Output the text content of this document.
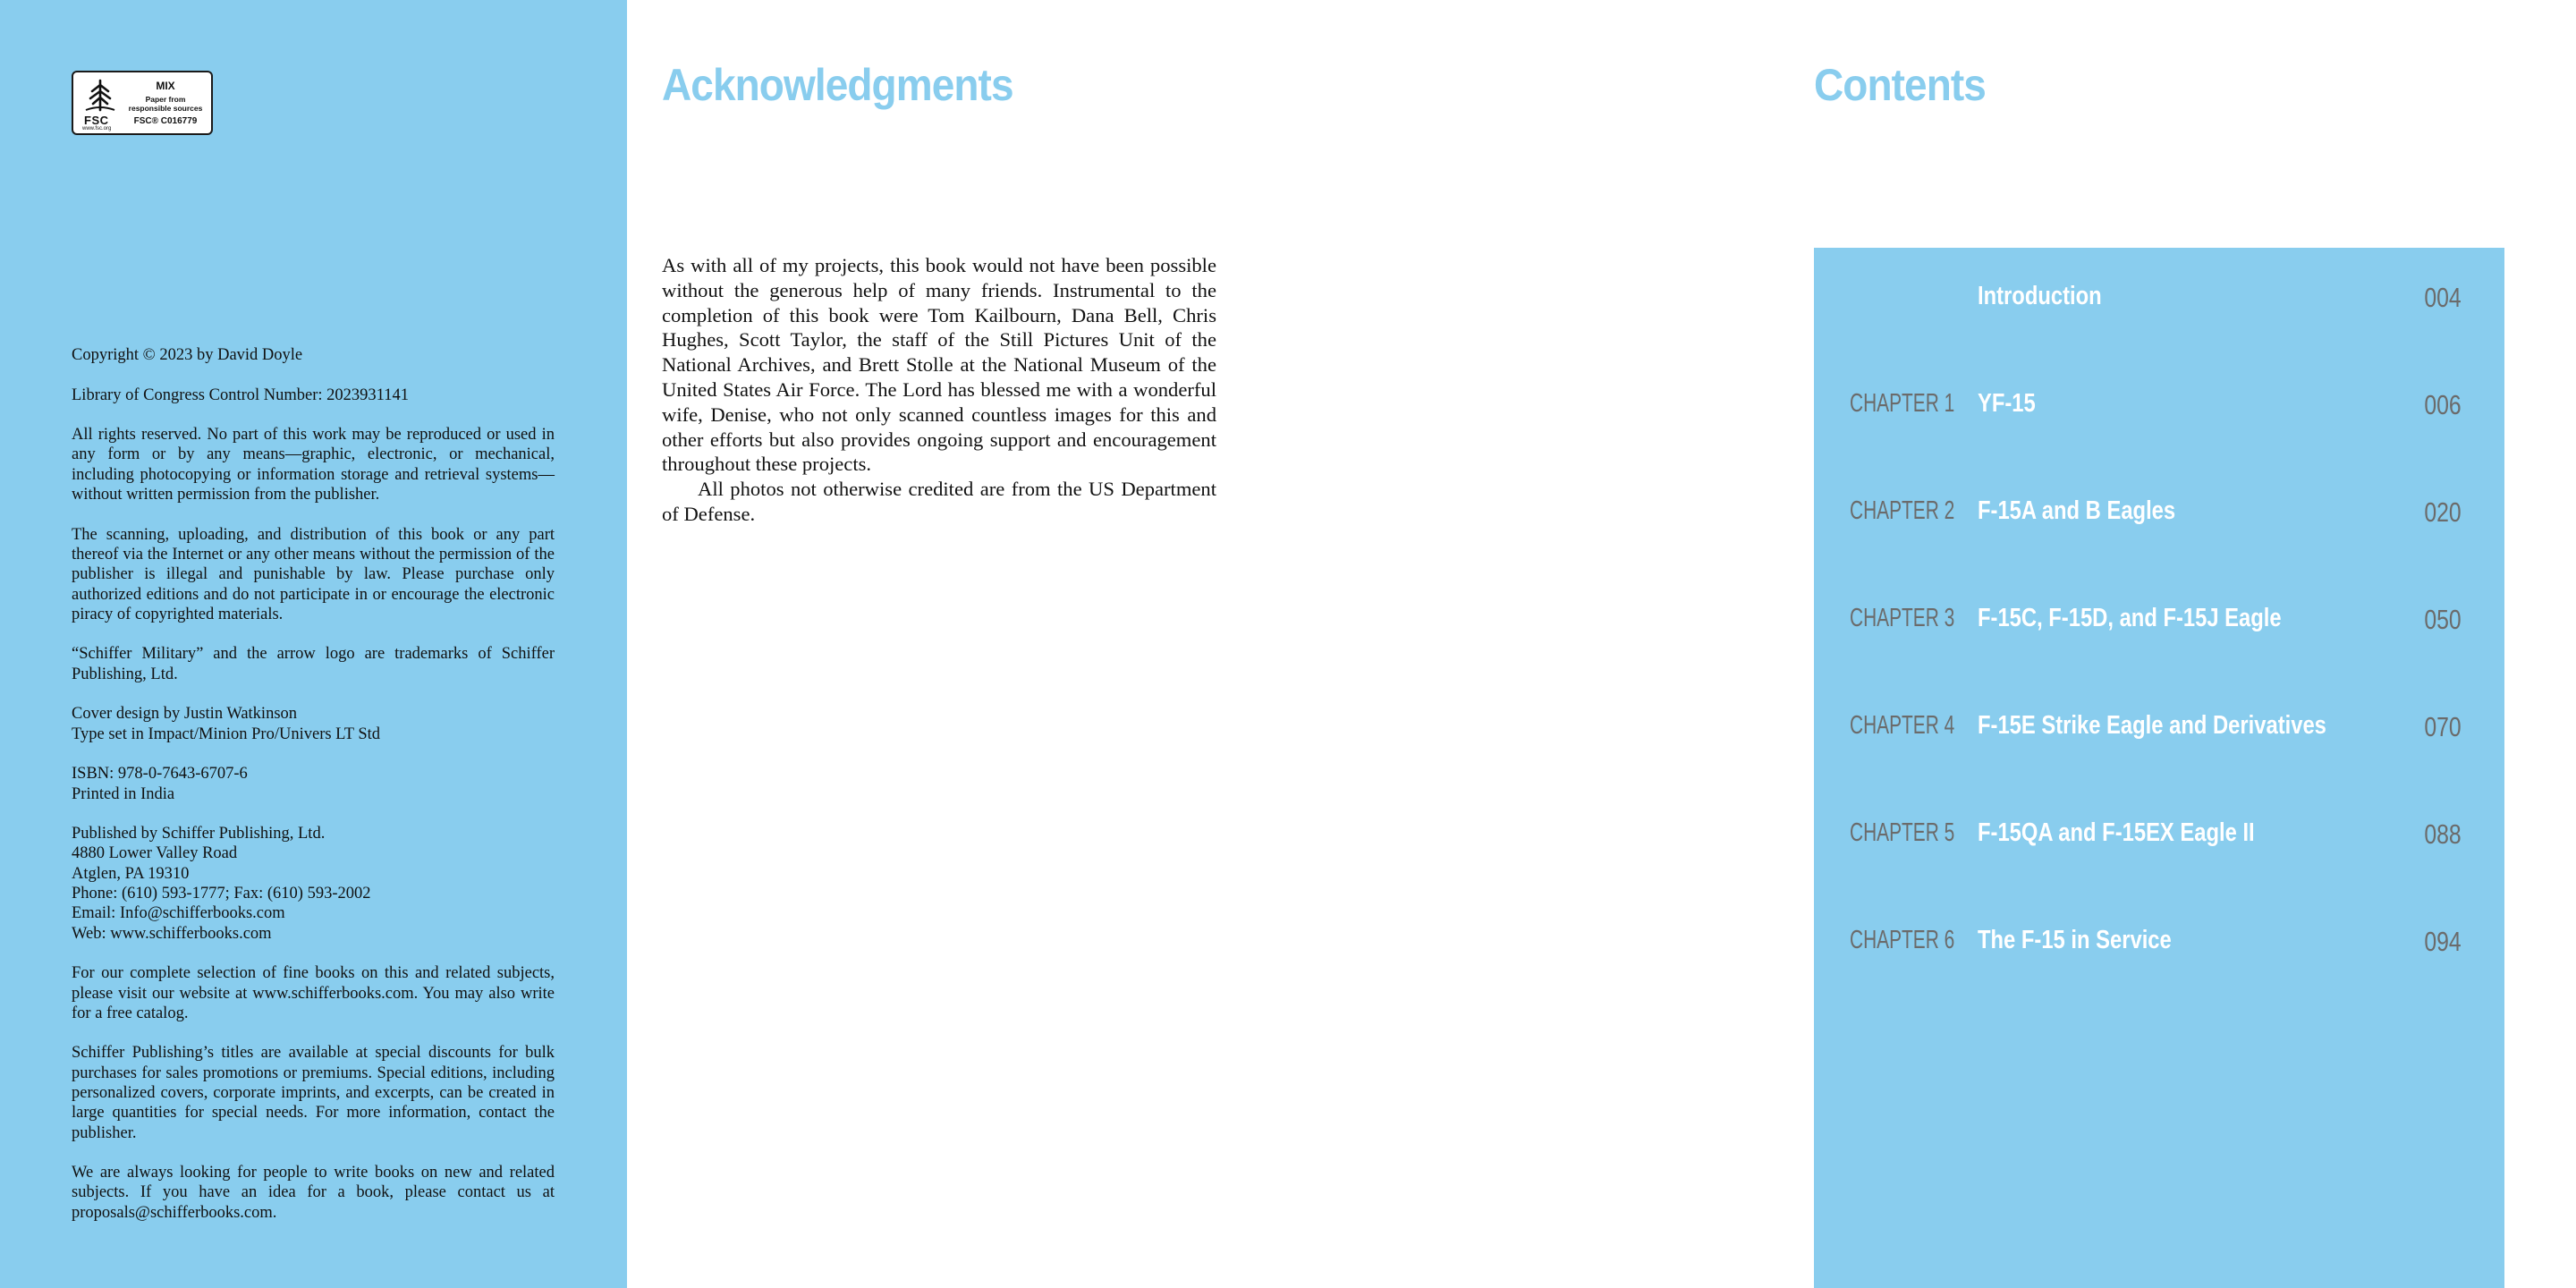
FSC
www.fsc.org
MIX
Paper from
responsible sources
FSC® C016779

Copyright © 2023 by David Doyle

Library of Congress Control Number: 2023931141

All rights reserved. No part of this work may be reproduced or used in any form or by any means—graphic, electronic, or mechanical, including photocopying or information storage and retrieval systems—without written permission from the publisher.

The scanning, uploading, and distribution of this book or any part thereof via the Internet or any other means without the permission of the publisher is illegal and punishable by law. Please purchase only authorized editions and do not participate in or encourage the electronic piracy of copyrighted materials.

“Schiffer Military” and the arrow logo are trademarks of Schiffer Publishing, Ltd.

Cover design by Justin Watkinson
Type set in Impact/Minion Pro/Univers LT Std

ISBN: 978-0-7643-6707-6
Printed in India

Published by Schiffer Publishing, Ltd.
4880 Lower Valley Road
Atglen, PA 19310
Phone: (610) 593-1777; Fax: (610) 593-2002
Email: Info@schifferbooks.com
Web: www.schifferbooks.com

For our complete selection of fine books on this and related subjects, please visit our website at www.schifferbooks.com. You may also write for a free catalog.

Schiffer Publishing’s titles are available at special discounts for bulk purchases for sales promotions or premiums. Special editions, including personalized covers, corporate imprints, and excerpts, can be created in large quantities for special needs. For more information, contact the publisher.

We are always looking for people to write books on new and related subjects. If you have an idea for a book, please contact us at proposals@schifferbooks.com.

Acknowledgments

As with all of my projects, this book would not have been possible without the generous help of many friends. Instrumental to the completion of this book were Tom Kailbourn, Dana Bell, Chris Hughes, Scott Taylor, the staff of the Still Pictures Unit of the National Archives, and Brett Stolle at the National Museum of the United States Air Force. The Lord has blessed me with a wonderful wife, Denise, who not only scanned countless images for this and other efforts but also provides ongoing support and encouragement throughout these projects.

All photos not otherwise credited are from the US Department of Defense.

Contents
Introduction	004
CHAPTER 1 YF-15	006
CHAPTER 2 F-15A and B Eagles	020
CHAPTER 3 F-15C, F-15D, and F-15J Eagle	050
CHAPTER 4 F-15E Strike Eagle and Derivatives	070
CHAPTER 5 F-15QA and F-15EX Eagle II	088
CHAPTER 6 The F-15 in Service	094
